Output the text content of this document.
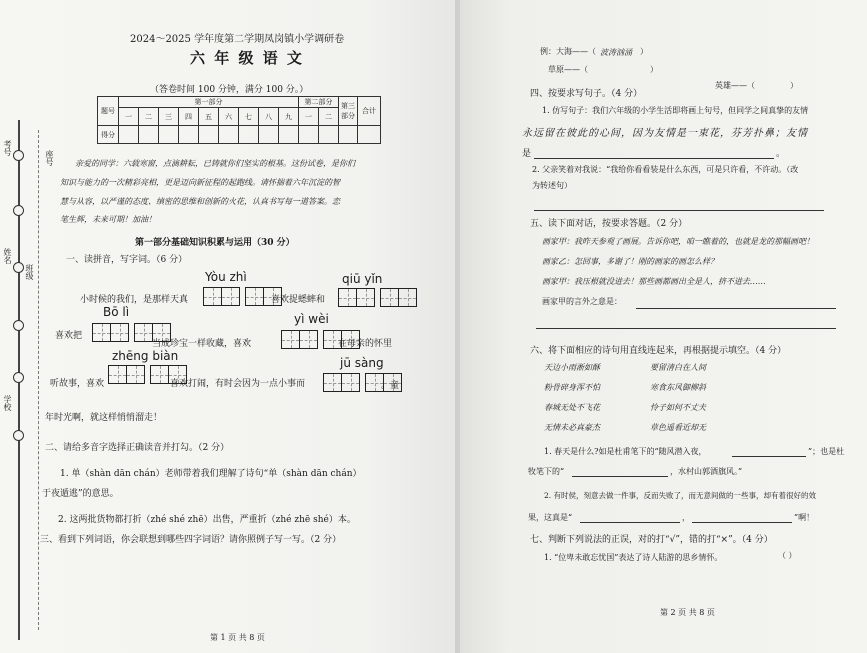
考号
姓名
班级
学校
座号
2024～2025 学年度第二学期凤岗镇小学调研卷
六 年 级 语 文
（答卷时间 100 分钟，满分 100 分。）
题号	第一部分									第二部分		第三部分	合计
	一	二	三	四	五	六	七	八	九	一	二		
得分													
亲爱的同学：六载寒窗，点滴耕耘，已铸就你们坚实的根基。这份试卷，是你们
知识与能力的一次精彩亮相，更是迈向新征程的起跑线。请怀揣着六年沉淀的智
慧与从容，以严谨的态度、缜密的思维和创新的火花，认真书写每一道答案。恋
笔生辉，未来可期！加油！
第一部分基础知识积累与运用（30 分）
一、读拼音，写字词。（6 分）
Yòu zhì	qiū yǐn
小时候的我们，是那样天真	，喜欢捉蟋蟀和
Bō lì	yì wèi
喜欢把
当成珍宝一样收藏，喜欢	在母亲的怀里
zhēng biàn	jū sàng
听故事，喜欢	喜欢打闹，有时会因为一点小事而	。童
年时光啊，就这样悄悄溜走！
二、请给多音字选择正确读音并打勾。（2 分）
1. 单（shàn dān chán）老师带着我们理解了诗句“单（shàn dān chán）
于夜遁逃”的意思。
2. 这两批货物都打折（zhé shé zhē）出售，严重折（zhé zhē shé）本。
三、看到下列词语，你会联想到哪些四字词语？请你照例子写一写。（2 分）
第 1 页 共 8 页
例：大海——（ 波涛汹涌 ）
草原——（	）
英雄——（	）
四、按要求写句子。（4 分）
1. 仿写句子：我们六年级的小学生活即将画上句号，但同学之间真挚的友情
永远留在彼此的心间，因为友情是一束花，芬芳扑鼻；友情
是	。
2. 父亲笑着对我说：“我给你看看装是什么东西，可是只许看，不许动。（改
为转述句）
五、读下面对话，按要求答题。（2 分）
画家甲：我昨天参观了画展。告诉你吧，咱一瞧着的，也就是龙的那幅画吧！
画家乙：怎回事，多谢了！刚的画家的画怎么样？
画家甲：我压根就没进去！那些画都画出全是人，挤不进去……
画家甲的言外之意是：
六、将下面相应的诗句用直线连起来，再根据提示填空。（4 分）
天边小雨淅如酥
粉骨碎身浑不怕
春城无处不飞花
无情未必真豪杰
要留清白在人间
寒食东风御柳斜
怜子如何不丈夫
草色遥看近却无
1. 春天是什么?如是杜甫笔下的“随风潜入夜，	”；也是杜
牧笔下的“	，水村山郭酒旗风。”
2. 有时侯，刻意去做一件事，反而失败了，而无意间做的一些事，却有着很好的效
果，这真是“	，	”啊！
七、判断下列说法的正误，对的打“√”，错的打“×”。（4 分）
1. “位卑未敢忘忧国”表达了诗人陆游的思乡情怀。	（ ）
第 2 页 共 8 页
